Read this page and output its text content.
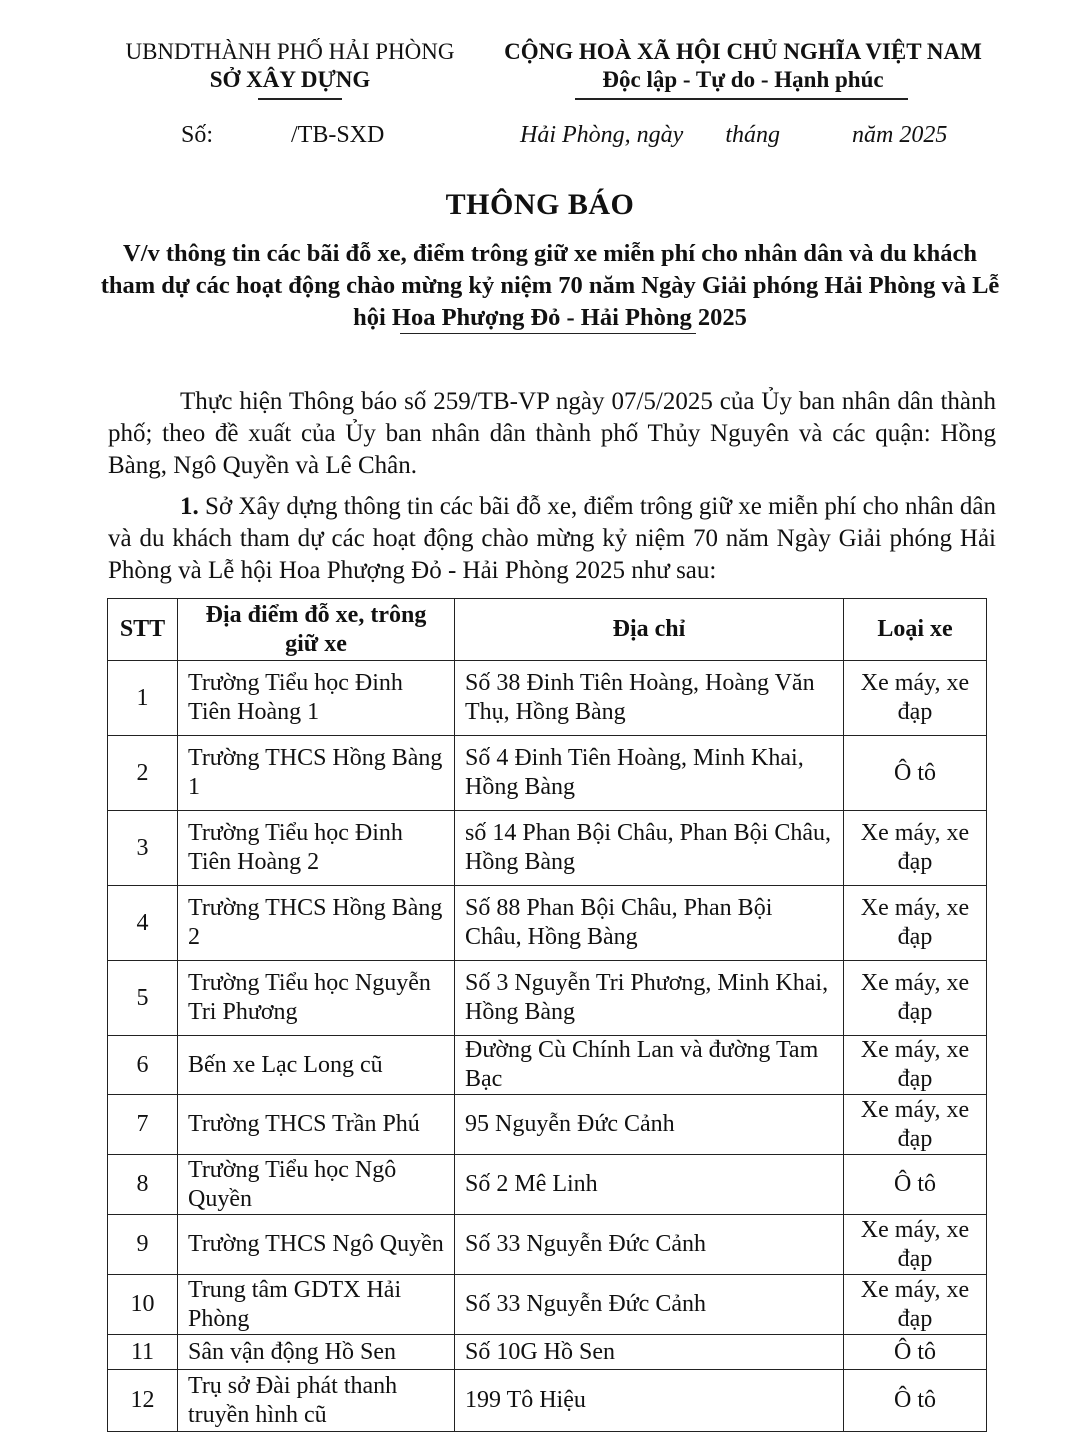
UBNDTHÀNH PHỐ HẢI PHÒNG
SỞ XÂY DỰNG
CỘNG HOÀ XÃ HỘI CHỦ NGHĨA VIỆT NAM
Độc lập - Tự do - Hạnh phúc
Số:	/TB-SXD	Hải Phòng, ngày tháng	năm 2025
THÔNG BÁO
V/v thông tin các bãi đỗ xe, điểm trông giữ xe miễn phí cho nhân dân và du khách tham dự các hoạt động chào mừng kỷ niệm 70 năm Ngày Giải phóng Hải Phòng và Lễ hội Hoa Phượng Đỏ - Hải Phòng 2025
Thực hiện Thông báo số 259/TB-VP ngày 07/5/2025 của Ủy ban nhân dân thành phố; theo đề xuất của Ủy ban nhân dân thành phố Thủy Nguyên và các quận: Hồng Bàng, Ngô Quyền và Lê Chân.
1. Sở Xây dựng thông tin các bãi đỗ xe, điểm trông giữ xe miễn phí cho nhân dân và du khách tham dự các hoạt động chào mừng kỷ niệm 70 năm Ngày Giải phóng Hải Phòng và Lễ hội Hoa Phượng Đỏ - Hải Phòng 2025 như sau:
STT	Địa điểm đỗ xe, trông giữ xe	Địa chỉ	Loại xe
1	Trường Tiểu học Đinh Tiên Hoàng 1	Số 38 Đinh Tiên Hoàng, Hoàng Văn Thụ, Hồng Bàng	Xe máy, xe đạp
2	Trường THCS Hồng Bàng 1	Số 4 Đinh Tiên Hoàng, Minh Khai, Hồng Bàng	Ô tô
3	Trường Tiểu học Đinh Tiên Hoàng 2	số 14 Phan Bội Châu, Phan Bội Châu, Hồng Bàng	Xe máy, xe đạp
4	Trường THCS Hồng Bàng 2	Số 88 Phan Bội Châu, Phan Bội Châu, Hồng Bàng	Xe máy, xe đạp
5	Trường Tiểu học Nguyễn Tri Phương	Số 3 Nguyễn Tri Phương, Minh Khai, Hồng Bàng	Xe máy, xe đạp
6	Bến xe Lạc Long cũ	Đường Cù Chính Lan và đường Tam Bạc	Xe máy, xe đạp
7	Trường THCS Trần Phú	95 Nguyễn Đức Cảnh	Xe máy, xe đạp
8	Trường Tiểu học Ngô Quyền	Số 2 Mê Linh	Ô tô
9	Trường THCS Ngô Quyền	Số 33 Nguyễn Đức Cảnh	Xe máy, xe đạp
10	Trung tâm GDTX Hải Phòng	Số 33 Nguyễn Đức Cảnh	Xe máy, xe đạp
11	Sân vận động Hồ Sen	Số 10G Hồ Sen	Ô tô
12	Trụ sở Đài phát thanh truyền hình cũ	199 Tô Hiệu	Ô tô
